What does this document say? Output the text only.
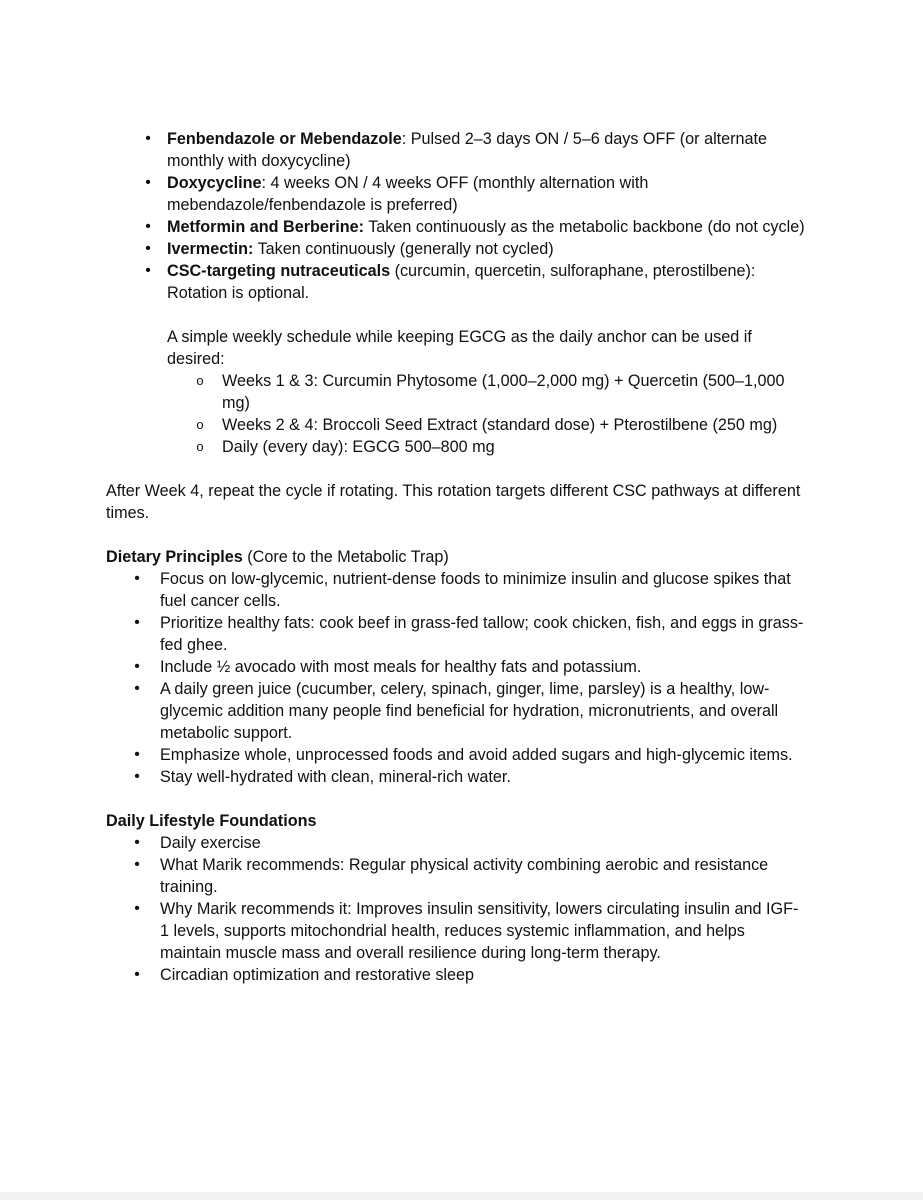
• Fenbendazole or Mebendazole: Pulsed 2–3 days ON / 5–6 days OFF (or alternate monthly with doxycycline)
• Doxycycline: 4 weeks ON / 4 weeks OFF (monthly alternation with mebendazole/fenbendazole is preferred)
• Metformin and Berberine: Taken continuously as the metabolic backbone (do not cycle)
• Ivermectin: Taken continuously (generally not cycled)
• CSC-targeting nutraceuticals (curcumin, quercetin, sulforaphane, pterostilbene): Rotation is optional.

A simple weekly schedule while keeping EGCG as the daily anchor can be used if desired:

o Weeks 1 & 3: Curcumin Phytosome (1,000–2,000 mg) + Quercetin (500–1,000 mg)
o Weeks 2 & 4: Broccoli Seed Extract (standard dose) + Pterostilbene (250 mg)
o Daily (every day): EGCG 500–800 mg

After Week 4, repeat the cycle if rotating. This rotation targets different CSC pathways at different times.

Dietary Principles (Core to the Metabolic Trap)

• Focus on low-glycemic, nutrient-dense foods to minimize insulin and glucose spikes that fuel cancer cells.
• Prioritize healthy fats: cook beef in grass-fed tallow; cook chicken, fish, and eggs in grass-fed ghee.
• Include ½ avocado with most meals for healthy fats and potassium.
• A daily green juice (cucumber, celery, spinach, ginger, lime, parsley) is a healthy, low-glycemic addition many people find beneficial for hydration, micronutrients, and overall metabolic support.
• Emphasize whole, unprocessed foods and avoid added sugars and high-glycemic items.
• Stay well-hydrated with clean, mineral-rich water.

Daily Lifestyle Foundations

• Daily exercise
• What Marik recommends: Regular physical activity combining aerobic and resistance training.
• Why Marik recommends it: Improves insulin sensitivity, lowers circulating insulin and IGF-1 levels, supports mitochondrial health, reduces systemic inflammation, and helps maintain muscle mass and overall resilience during long-term therapy.
• Circadian optimization and restorative sleep
